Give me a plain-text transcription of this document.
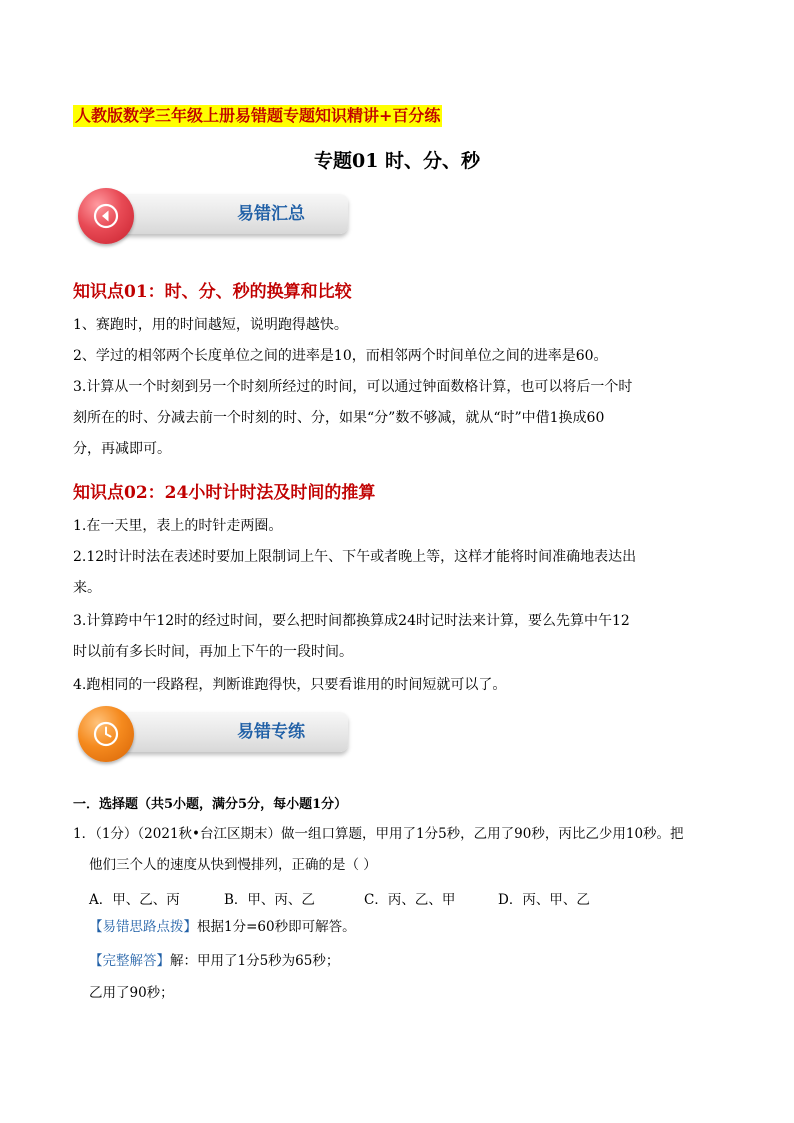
人教版数学三年级上册易错题专题知识精讲+百分练
专题01 时、分、秒
易错汇总
知识点01：时、分、秒的换算和比较
1、赛跑时，用的时间越短，说明跑得越快。
2、学过的相邻两个长度单位之间的进率是10，而相邻两个时间单位之间的进率是60。
3.计算从一个时刻到另一个时刻所经过的时间，可以通过钟面数格计算，也可以将后一个时
刻所在的时、分减去前一个时刻的时、分，如果“分”数不够减，就从“时”中借1换成60
分，再减即可。
知识点02：24小时计时法及时间的推算
1.在一天里，表上的时针走两圈。
2.12时计时法在表述时要加上限制词上午、下午或者晚上等，这样才能将时间准确地表达出
来。
3.计算跨中午12时的经过时间，要么把时间都换算成24时记时法来计算，要么先算中午12
时以前有多长时间，再加上下午的一段时间。
4.跑相同的一段路程，判断谁跑得快，只要看谁用的时间短就可以了。
易错专练
一．选择题（共5小题，满分5分，每小题1分）
1．（1分）（2021秋•台江区期末）做一组口算题，甲用了1分5秒，乙用了90秒，丙比乙少用10秒。把
他们三个人的速度从快到慢排列，正确的是（ ）
A．甲、乙、丙	B．甲、丙、乙	C．丙、乙、甲	D．丙、甲、乙
【易错思路点拨】根据1分=60秒即可解答。
【完整解答】解：甲用了1分5秒为65秒；
乙用了90秒；
